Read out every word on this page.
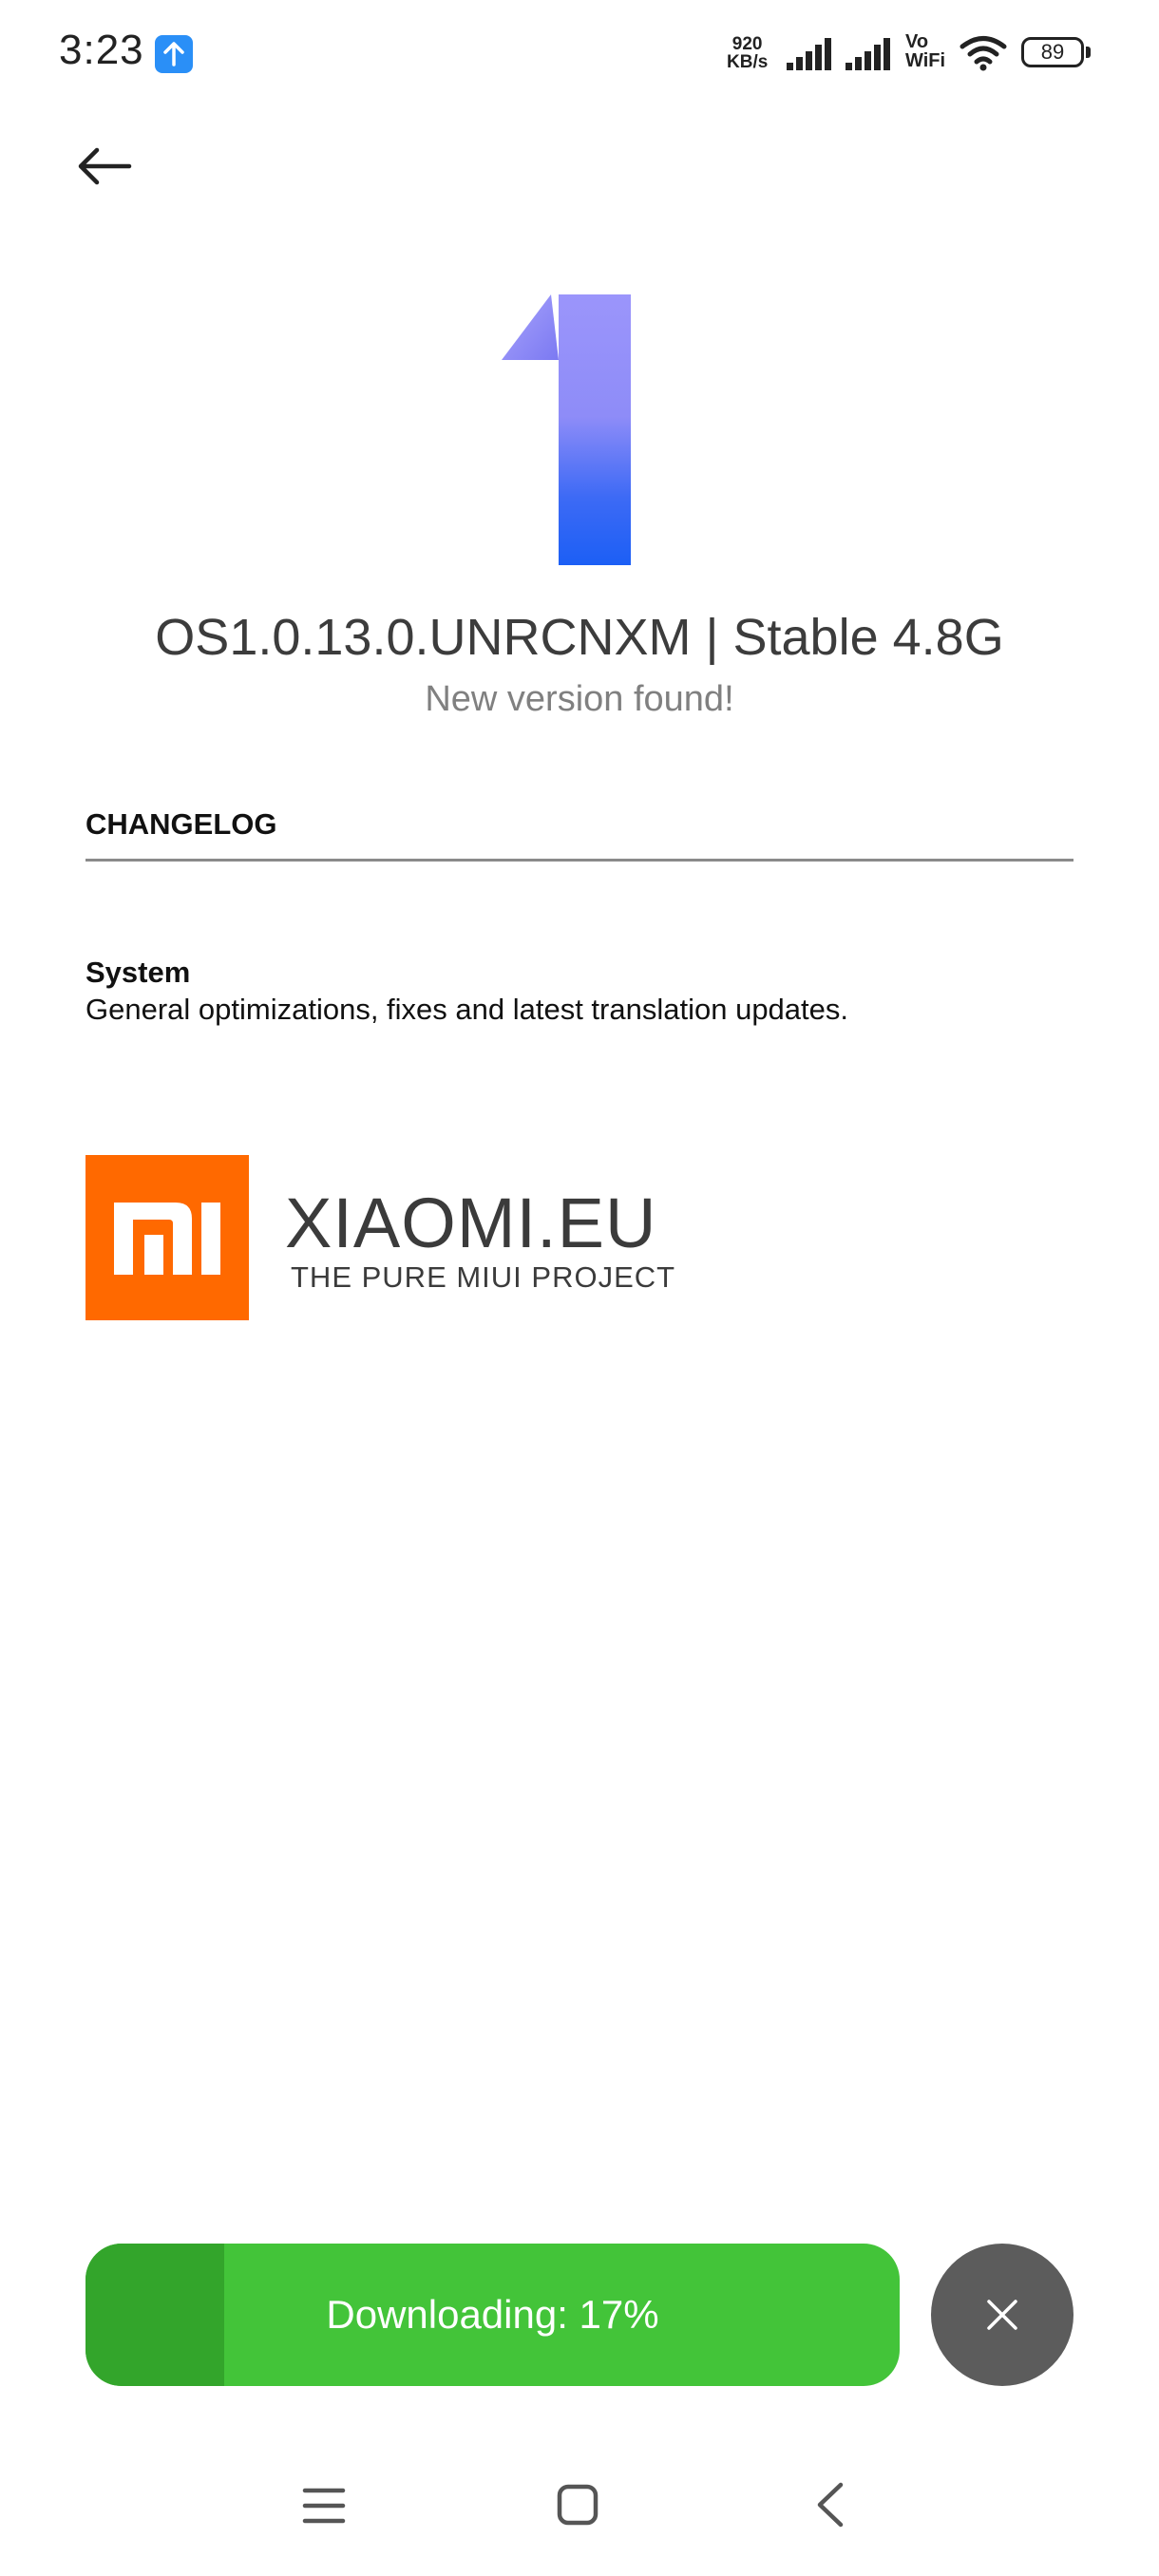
3:23	920
KB/s
Vo
WiFi	89
OS1.0.13.0.UNRCNXM | Stable 4.8G
New version found!
CHANGELOG
System
General optimizations, fixes and latest translation updates.
XIAOMI.EU
THE PURE MIUI PROJECT
Downloading: 17%
